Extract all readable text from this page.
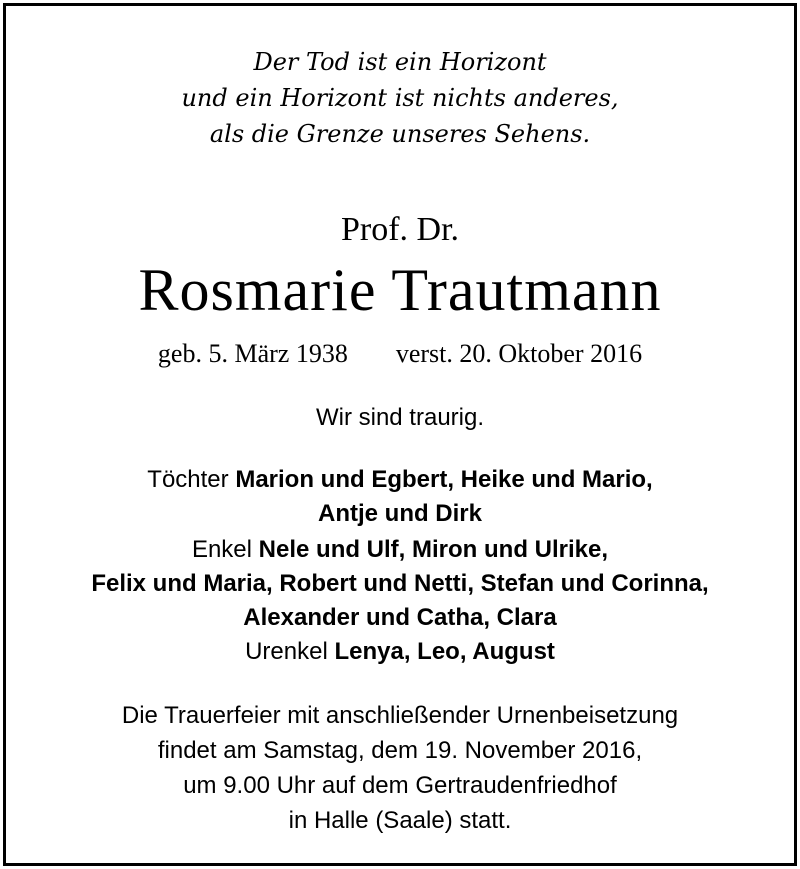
Der Tod ist ein Horizont
und ein Horizont ist nichts anderes,
als die Grenze unseres Sehens.
Prof. Dr.
Rosmarie Trautmann
geb. 5. März 1938 verst. 20. Oktober 2016
Wir sind traurig.
Töchter Marion und Egbert, Heike und Mario,
Antje und Dirk
Enkel Nele und Ulf, Miron und Ulrike,
Felix und Maria, Robert und Netti, Stefan und Corinna,
Alexander und Catha, Clara
Urenkel Lenya, Leo, August
Die Trauerfeier mit anschließender Urnenbeisetzung
findet am Samstag, dem 19. November 2016,
um 9.00 Uhr auf dem Gertraudenfriedhof
in Halle (Saale) statt.
